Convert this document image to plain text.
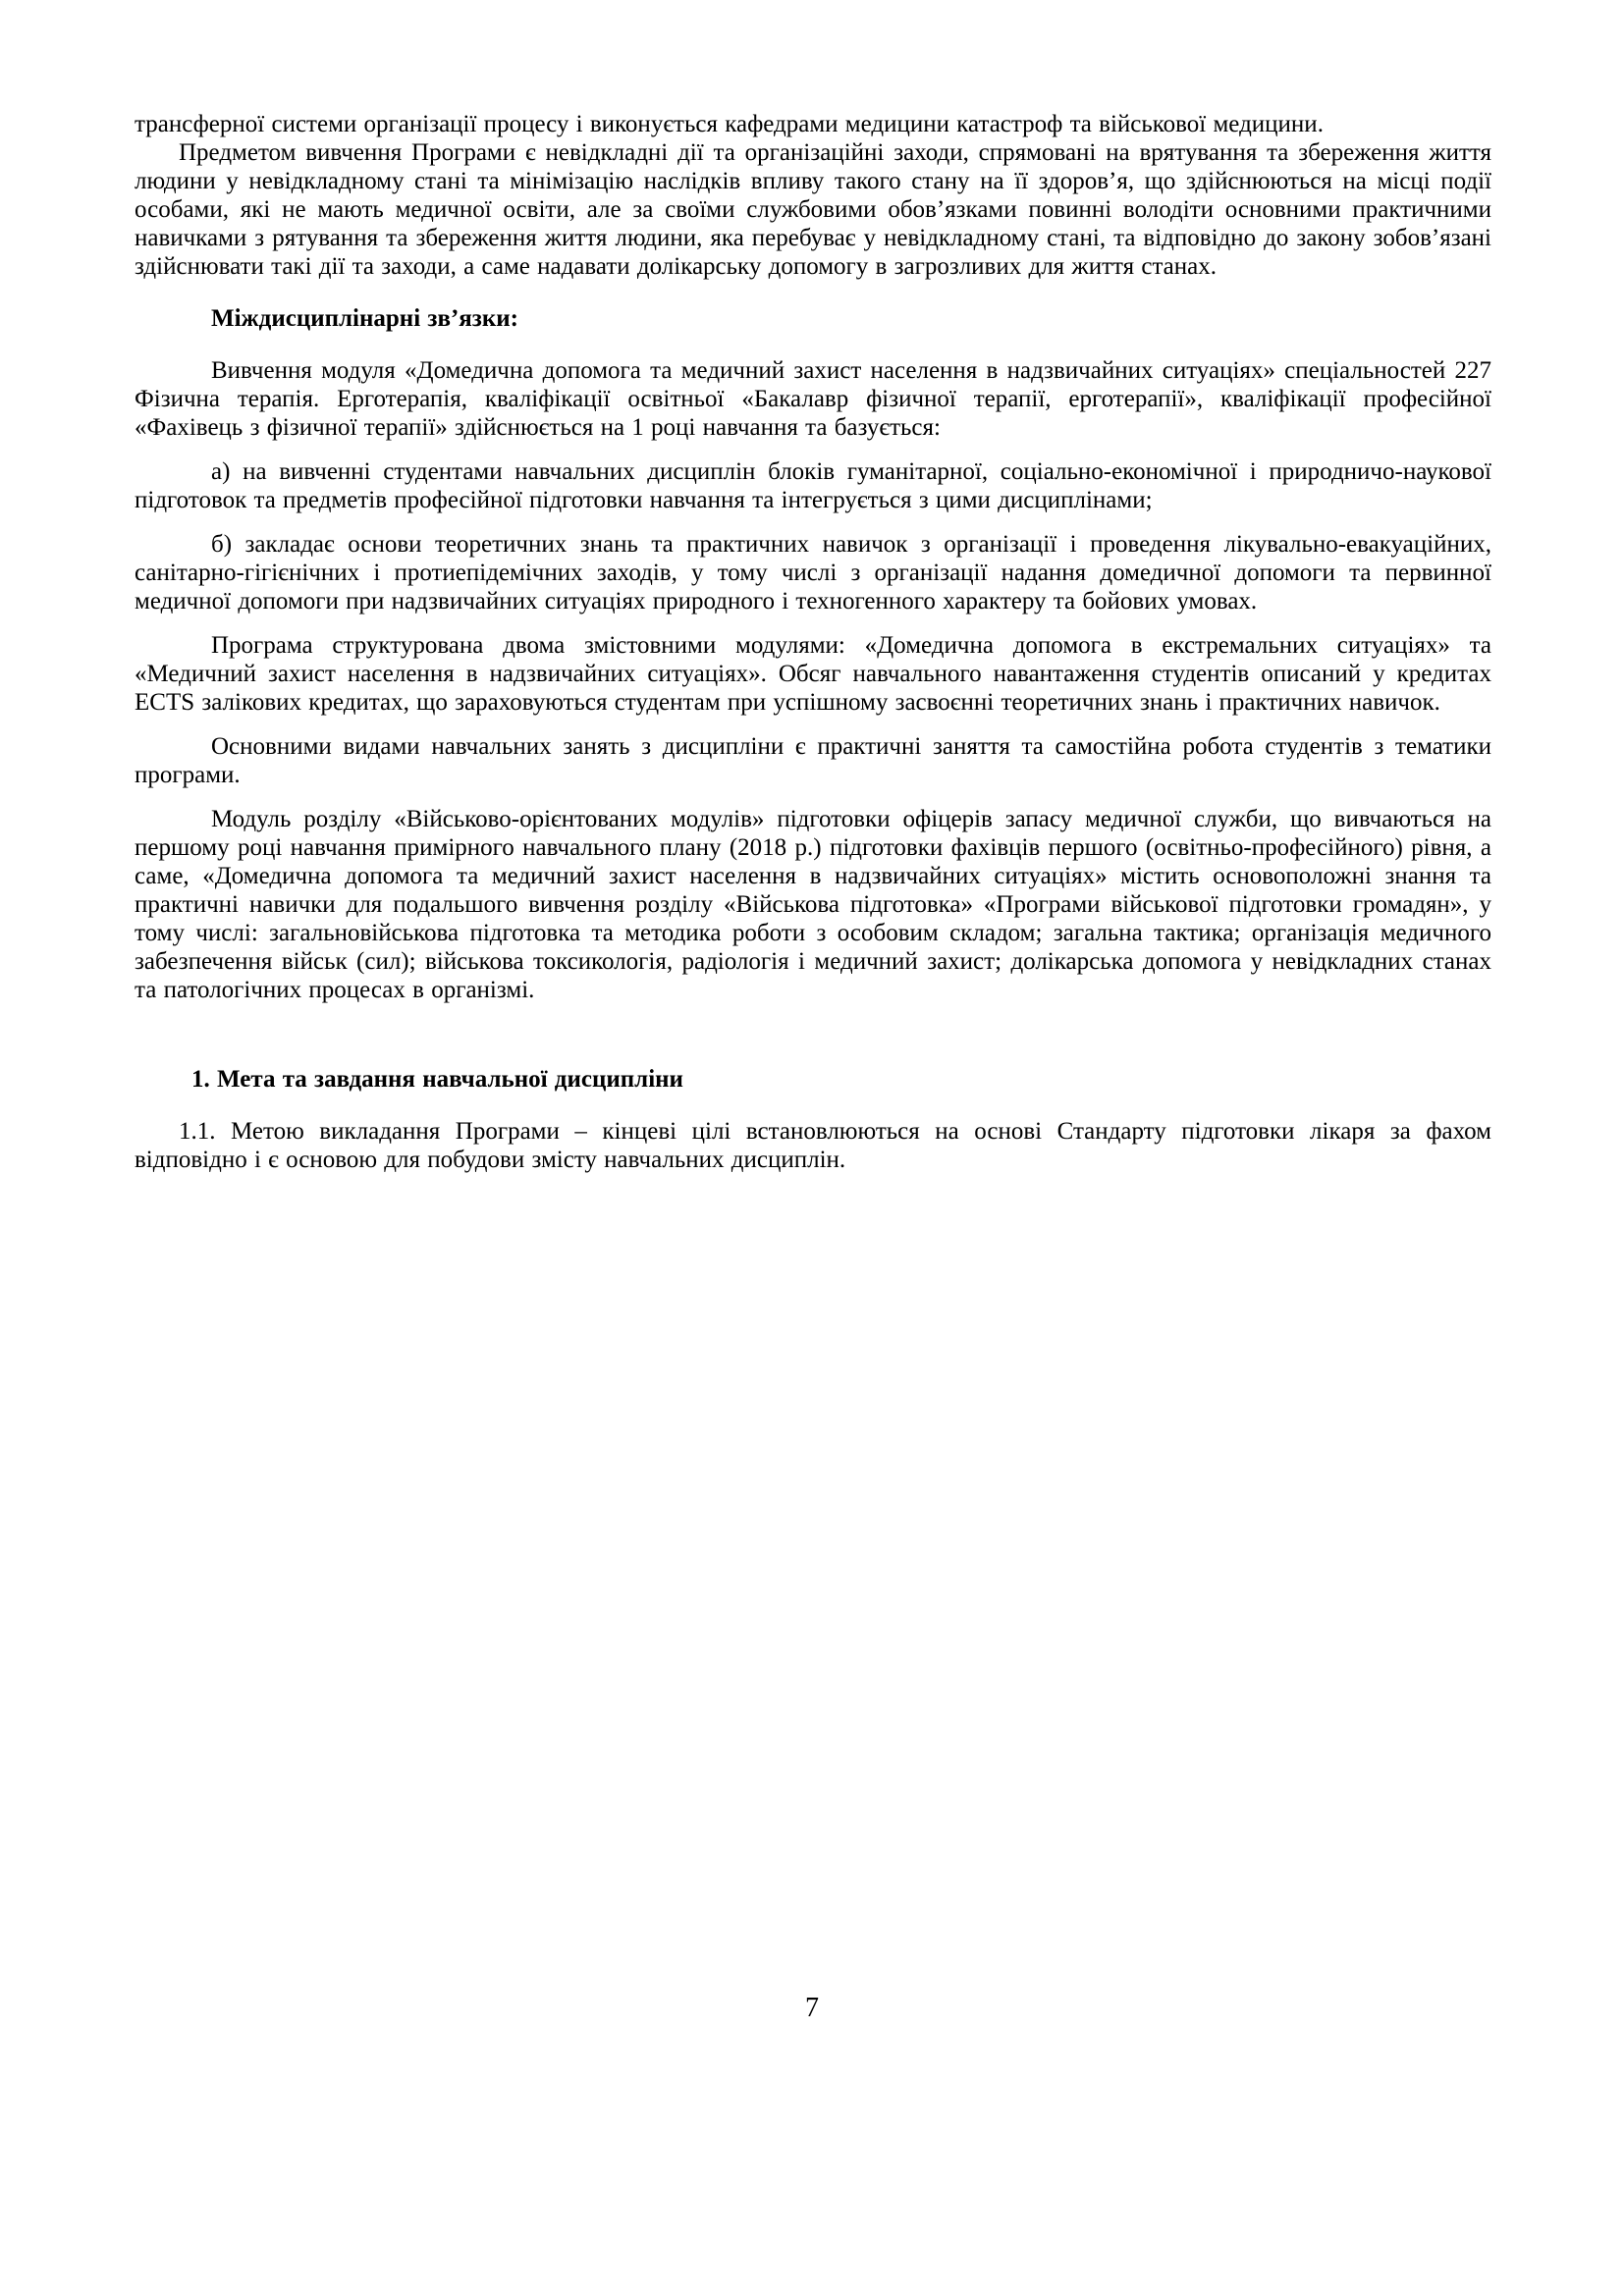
трансферної системи організації процесу і виконується кафедрами медицини катастроф та військової медицини.

Предметом вивчення Програми є невідкладні дії та організаційні заходи, спрямовані на врятування та збереження життя людини у невідкладному стані та мінімізацію наслідків впливу такого стану на її здоров’я, що здійснюються на місці події особами, які не мають медичної освіти, але за своїми службовими обов’язками повинні володіти основними практичними навичками з рятування та збереження життя людини, яка перебуває у невідкладному стані, та відповідно до закону зобов’язані здійснювати такі дії та заходи, а саме надавати долікарську допомогу в загрозливих для життя станах.

Міждисциплінарні зв’язки:

Вивчення модуля «Домедична допомога та медичний захист населення в надзвичайних ситуаціях» спеціальностей 227 Фізична терапія. Ерготерапія, кваліфікації освітньої «Бакалавр фізичної терапії, ерготерапії», кваліфікації професійної «Фахівець з фізичної терапії» здійснюється на 1 році навчання та базується:

а) на вивченні студентами навчальних дисциплін блоків гуманітарної, соціально-економічної і природничо-наукової підготовок та предметів професійної підготовки навчання та інтегрується з цими дисциплінами;

б) закладає основи теоретичних знань та практичних навичок з організації і проведення лікувально-евакуаційних, санітарно-гігієнічних і протиепідемічних заходів, у тому числі з організації надання домедичної допомоги та первинної медичної допомоги при надзвичайних ситуаціях природного і техногенного характеру та бойових умовах.

Програма структурована двома змістовними модулями: «Домедична допомога в екстремальних ситуаціях» та «Медичний захист населення в надзвичайних ситуаціях». Обсяг навчального навантаження студентів описаний у кредитах ECTS залікових кредитах, що зараховуються студентам при успішному засвоєнні теоретичних знань і практичних навичок.

Основними видами навчальних занять з дисципліни є практичні заняття та самостійна робота студентів з тематики програми.

Модуль розділу «Військово-орієнтованих модулів» підготовки офіцерів запасу медичної служби, що вивчаються на першому році навчання примірного навчального плану (2018 р.) підготовки фахівців першого (освітньо-професійного) рівня, а саме, «Домедична допомога та медичний захист населення в надзвичайних ситуаціях» містить основоположні знання та практичні навички для подальшого вивчення розділу «Військова підготовка» «Програми військової підготовки громадян», у тому числі: загальновійськова підготовка та методика роботи з особовим складом; загальна тактика; організація медичного забезпечення військ (сил); військова токсикологія, радіологія і медичний захист; долікарська допомога у невідкладних станах та патологічних процесах в організмі.

1. Мета та завдання навчальної дисципліни

1.1. Метою викладання Програми – кінцеві цілі встановлюються на основі Стандарту підготовки лікаря за фахом відповідно і є основою для побудови змісту навчальних дисциплін.

7
